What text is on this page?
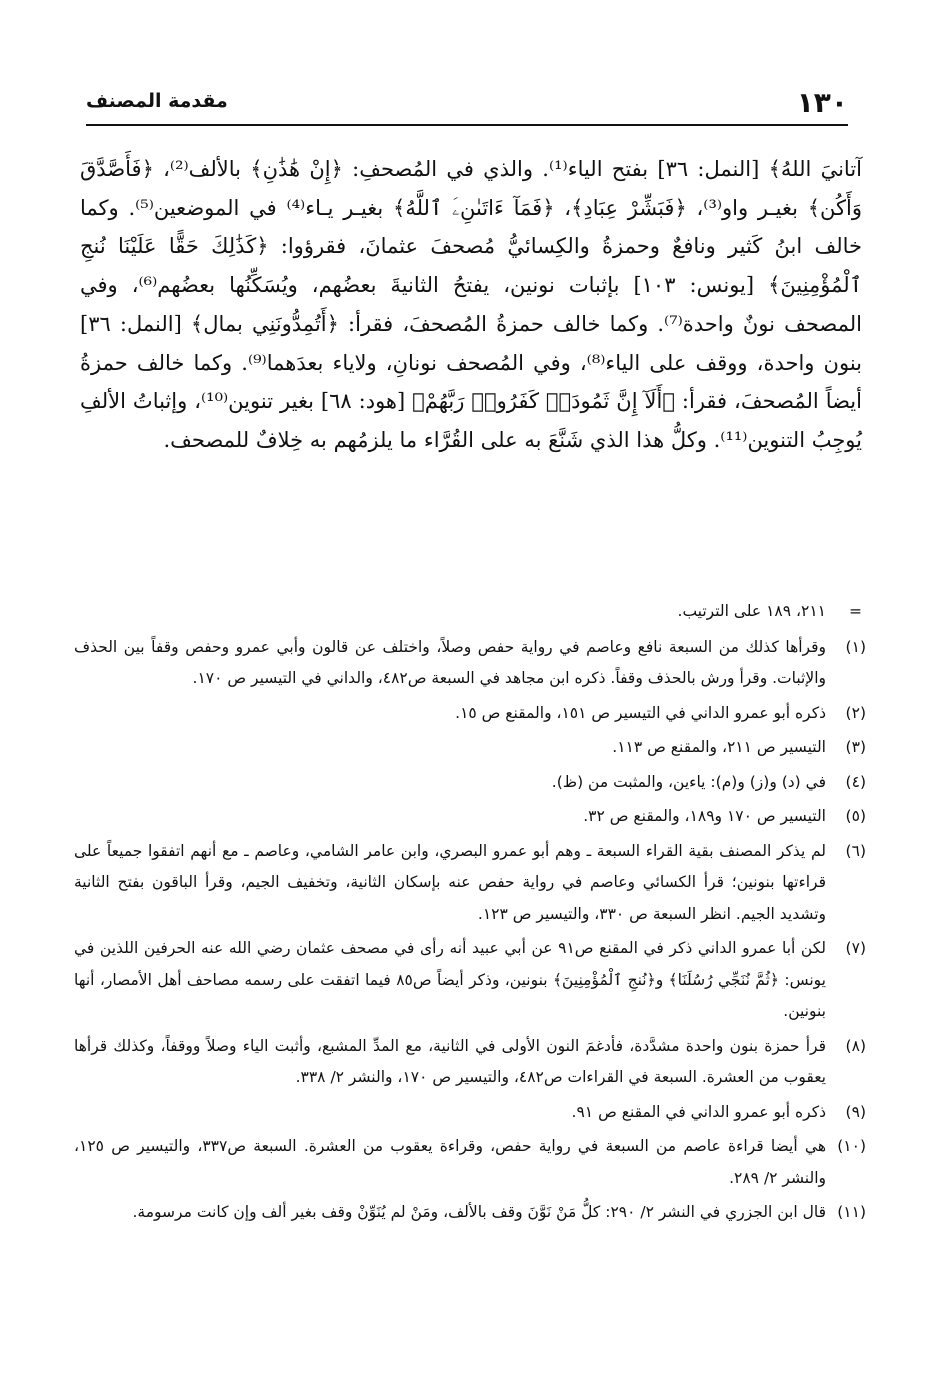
١٣٠
مقدمة المصنف

آتانيَ اللهُ﴾ [النمل: ٣٦] بفتح الياء⁽¹⁾. والذي في المُصحفِ: ﴿إِنْ هَٰذَٰنِ﴾ بالألف⁽²⁾، ﴿فَأَصَّدَّقَ وَأَكُن﴾ بغيـر واو⁽³⁾، ﴿فَبَشِّرْ عِبَادِ﴾، ﴿فَمَآ ءَاتَىٰنِۦَ ٱللَّهُ﴾ بغيـر يـاء⁽⁴⁾ في الموضعين⁽⁵⁾. وكما خالف ابنُ كَثير ونافعٌ وحمزةُ والكِسائيُّ مُصحفَ عثمانَ، فقرؤوا: ﴿كَذَٰلِكَ حَقًّا عَلَيْنَا نُنجِ ٱلْمُؤْمِنِينَ﴾ [يونس: ١٠٣] بإثبات نونين، يفتحُ الثانيةَ بعضُهم، ويُسَكِّنُها بعضُهم⁽⁶⁾، وفي المصحف نونٌ واحدة⁽⁷⁾. وكما خالف حمزةُ المُصحفَ، فقرأ: ﴿أَتُمِدُّونَنِي بمال﴾ [النمل: ٣٦] بنون واحدة، ووقف على الياء⁽⁸⁾، وفي المُصحف نونانِ، ولاياء بعدَهما⁽⁹⁾. وكما خالف حمزةُ أيضاً المُصحفَ، فقرأ: ﴿أَلَآ إِنَّ ثَمُودَا۟ كَفَرُوا۟ رَبَّهُمْ﴾ [هود: ٦٨] بغير تنوين⁽¹⁰⁾، وإثباتُ الألفِ يُوجِبُ التنوين⁽¹¹⁾. وكلُّ هذا الذي شَنَّعَ به على القُرَّاء ما يلزمُهم به خِلافٌ للمصحف.

=
٢١١، ١٨٩ على الترتيب.
(١)
وقرأها كذلك من السبعة نافع وعاصم في رواية حفص وصلاً، واختلف عن قالون وأبي عمرو وحفص وقفاً بين الحذف والإثبات. وقرأ ورش بالحذف وقفاً. ذكره ابن مجاهد في السبعة ص٤٨٢، والداني في التيسير ص ١٧٠.
(٢)
ذكره أبو عمرو الداني في التيسير ص ١٥١، والمقنع ص ١٥.
(٣)
التيسير ص ٢١١، والمقنع ص ١١٣.
(٤)
في (د) و(ز) و(م): ياءين، والمثبت من (ظ).
(٥)
التيسير ص ١٧٠ و١٨٩، والمقنع ص ٣٢.
(٦)
لم يذكر المصنف بقية القراء السبعة ـ وهم أبو عمرو البصري، وابن عامر الشامي، وعاصم ـ مع أنهم اتفقوا جميعاً على قراءتها بنونين؛ قرأ الكسائي وعاصم في رواية حفص عنه بإسكان الثانية، وتخفيف الجيم، وقرأ الباقون بفتح الثانية وتشديد الجيم. انظر السبعة ص ٣٣٠، والتيسير ص ١٢٣.
(٧)
لكن أبا عمرو الداني ذكر في المقنع ص٩١ عن أبي عبيد أنه رأى في مصحف عثمان رضي الله عنه الحرفين اللذين في يونس: ﴿ثُمَّ نُنَجِّي رُسُلَنَا﴾ و﴿نُنجِ ٱلْمُؤْمِنِينَ﴾ بنونين، وذكر أيضاً ص٨٥ فيما اتفقت على رسمه مصاحف أهل الأمصار، أنها بنونين.
(٨)
قرأ حمزة بنون واحدة مشدَّدة، فأدغمَ النون الأولى في الثانية، مع المدِّ المشبع، وأثبت الياء وصلاً ووقفاً، وكذلك قرأها يعقوب من العشرة. السبعة في القراءات ص٤٨٢، والتيسير ص ١٧٠، والنشر ٢/ ٣٣٨.
(٩)
ذكره أبو عمرو الداني في المقنع ص ٩١.
(١٠)
هي أيضا قراءة عاصم من السبعة في رواية حفص، وقراءة يعقوب من العشرة. السبعة ص٣٣٧، والتيسير ص ١٢٥، والنشر ٢/ ٢٨٩.
(١١)
قال ابن الجزري في النشر ٢/ ٢٩٠: كلُّ مَنْ نَوَّنَ وقف بالألف، ومَنْ لم يُنَوِّنْ وقف بغير ألف وإن كانت مرسومة.
